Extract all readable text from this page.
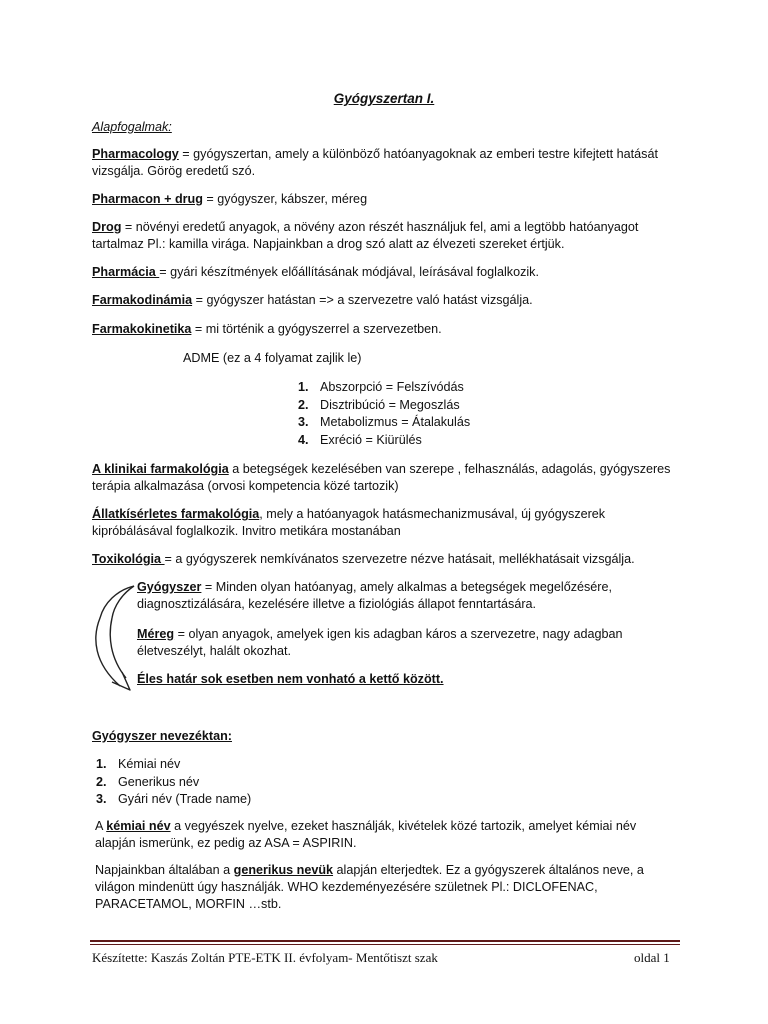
Gyógyszertan I.
Alapfogalmak:
Pharmacology = gyógyszertan, amely a különböző hatóanyagoknak az emberi testre kifejtett hatását
vizsgálja. Görög eredetű szó.
Pharmacon + drug = gyógyszer, kábszer, méreg
Drog = növényi eredetű anyagok, a növény azon részét használjuk fel, ami a legtöbb hatóanyagot
tartalmaz Pl.: kamilla virága. Napjainkban a drog szó alatt az élvezeti szereket értjük.
Pharmácia = gyári készítmények előállításának módjával, leírásával foglalkozik.
Farmakodinámia = gyógyszer hatástan => a szervezetre való hatást vizsgálja.
Farmakokinetika = mi történik a gyógyszerrel a szervezetben.
ADME (ez a 4 folyamat zajlik le)
1. Abszorpció = Felszívódás
2. Disztribúció = Megoszlás
3. Metabolizmus = Átalakulás
4. Exréció = Kiürülés
A klinikai farmakológia a betegségek kezelésében van szerepe , felhasználás, adagolás, gyógyszeres
terápia alkalmazása (orvosi kompetencia közé tartozik)
Állatkísérletes farmakológia, mely a hatóanyagok hatásmechanizmusával, új gyógyszerek
kipróbálásával foglalkozik. Invitro metikára mostanában
Toxikológia = a gyógyszerek nemkívánatos szervezetre nézve hatásait, mellékhatásait vizsgálja.
Gyógyszer = Minden olyan hatóanyag, amely alkalmas a betegségek megelőzésére,
diagnosztizálására, kezelésére illetve a fiziológiás állapot fenntartására.
Méreg = olyan anyagok, amelyek igen kis adagban káros a szervezetre, nagy adagban
életveszélyt, halált okozhat.
Éles határ sok esetben nem vonható a kettő között.
Gyógyszer nevezéktan:
1. Kémiai név
2. Generikus név
3. Gyári név (Trade name)
A kémiai név a vegyészek nyelve, ezeket használják, kivételek közé tartozik, amelyet kémiai név
alapján ismerünk, ez pedig az ASA = ASPIRIN.
Napjainkban általában a generikus nevük alapján elterjedtek. Ez a gyógyszerek általános neve, a
világon mindenütt úgy használják. WHO kezdeményezésére születnek Pl.: DICLOFENAC,
PARACETAMOL, MORFIN …stb.
Készítette: Kaszás Zoltán PTE-ETK II. évfolyam- Mentőtiszt szak	oldal 1
